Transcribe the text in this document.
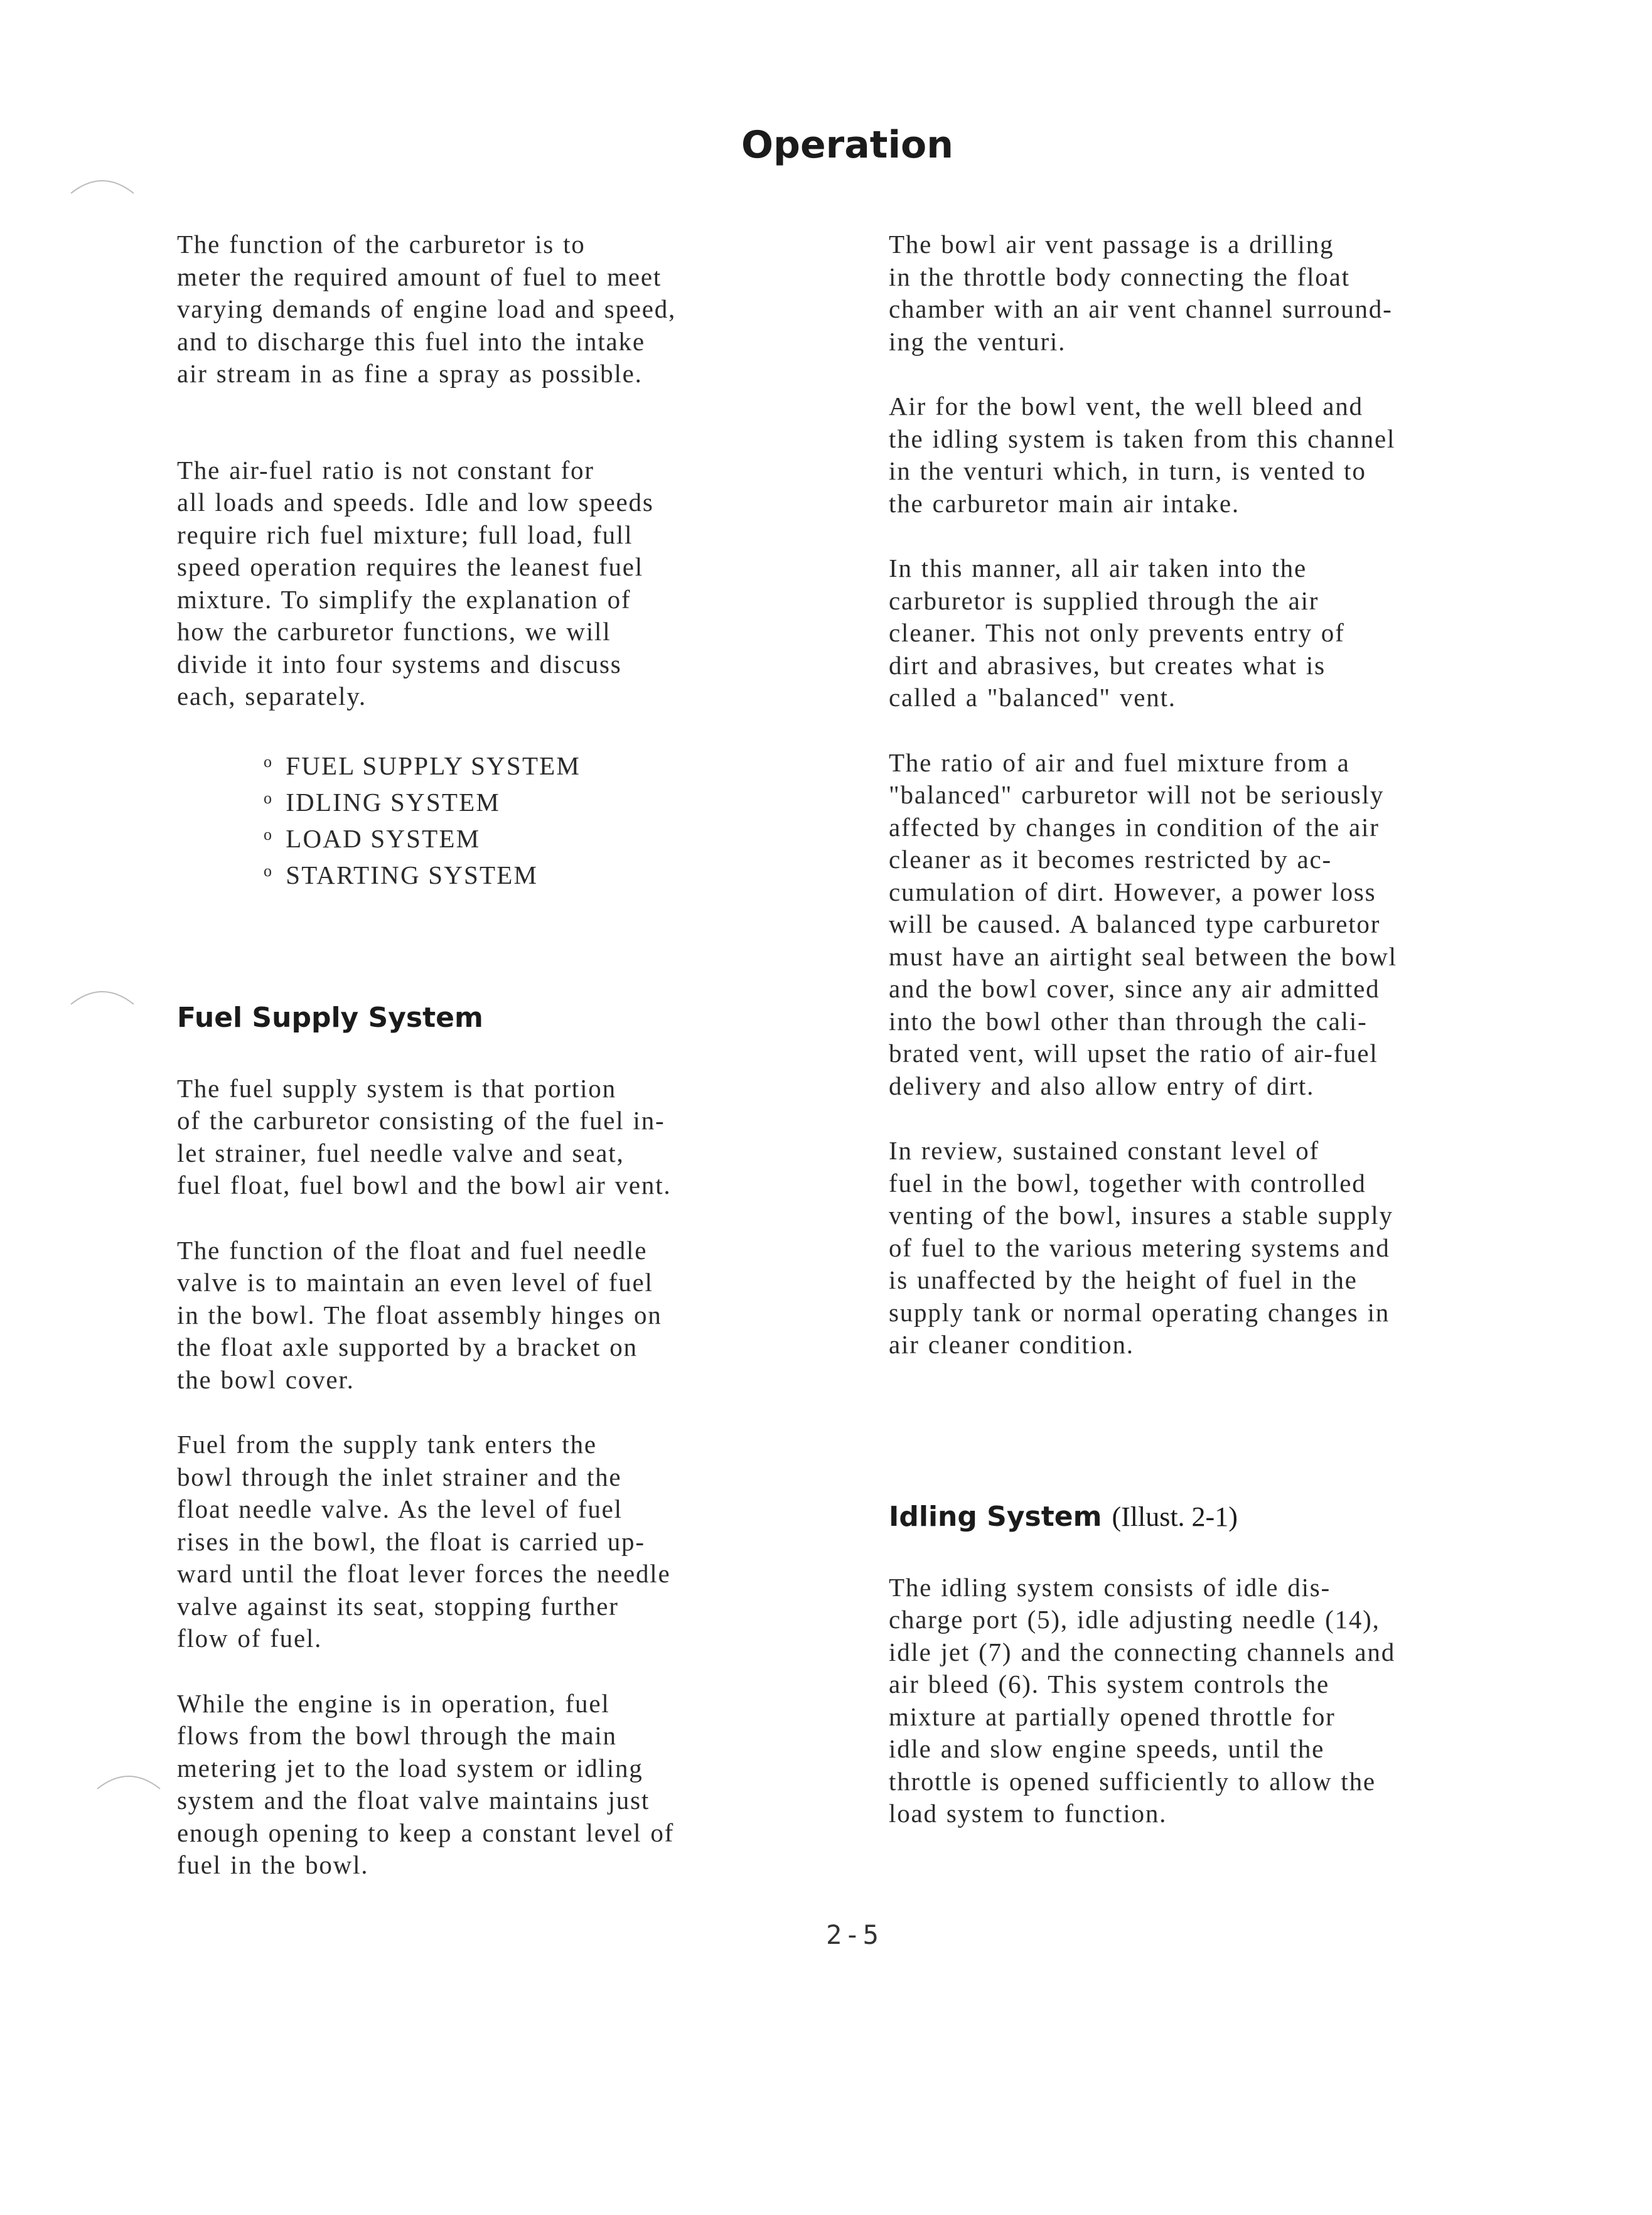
Operation

The function of the carburetor is to
meter the required amount of fuel to meet
varying demands of engine load and speed,
and to discharge this fuel into the intake
air stream in as fine a spray as possible.

The air-fuel ratio is not constant for
all loads and speeds. Idle and low speeds
require rich fuel mixture; full load, full
speed operation requires the leanest fuel
mixture. To simplify the explanation of
how the carburetor functions, we will
divide it into four systems and discuss
each, separately.

$^o$ FUEL SUPPLY SYSTEM
$^o$ IDLING SYSTEM
$^o$ LOAD SYSTEM
$^o$ STARTING SYSTEM
Fuel Supply System

The fuel supply system is that portion
of the carburetor consisting of the fuel in-
let strainer, fuel needle valve and seat,
fuel float, fuel bowl and the bowl air vent.

The function of the float and fuel needle
valve is to maintain an even level of fuel
in the bowl. The float assembly hinges on
the float axle supported by a bracket on
the bowl cover.

Fuel from the supply tank enters the
bowl through the inlet strainer and the
float needle valve. As the level of fuel
rises in the bowl, the float is carried up-
ward until the float lever forces the needle
valve against its seat, stopping further
flow of fuel.

While the engine is in operation, fuel
flows from the bowl through the main
metering jet to the load system or idling
system and the float valve maintains just
enough opening to keep a constant level of
fuel in the bowl.

The bowl air vent passage is a drilling
in the throttle body connecting the float
chamber with an air vent channel surround-
ing the venturi.

Air for the bowl vent, the well bleed and
the idling system is taken from this channel
in the venturi which, in turn, is vented to
the carburetor main air intake.

In this manner, all air taken into the
carburetor is supplied through the air
cleaner. This not only prevents entry of
dirt and abrasives, but creates what is
called a "balanced" vent.

The ratio of air and fuel mixture from a
"balanced" carburetor will not be seriously
affected by changes in condition of the air
cleaner as it becomes restricted by ac-
cumulation of dirt. However, a power loss
will be caused. A balanced type carburetor
must have an airtight seal between the bowl
and the bowl cover, since any air admitted
into the bowl other than through the cali-
brated vent, will upset the ratio of air-fuel
delivery and also allow entry of dirt.

In review, sustained constant level of
fuel in the bowl, together with controlled
venting of the bowl, insures a stable supply
of fuel to the various metering systems and
is unaffected by the height of fuel in the
supply tank or normal operating changes in
air cleaner condition.

Idling System (Illust. 2-1)

The idling system consists of idle dis-
charge port (5), idle adjusting needle (14),
idle jet (7) and the connecting channels and
air bleed (6). This system controls the
mixture at partially opened throttle for
idle and slow engine speeds, until the
throttle is opened sufficiently to allow the
load system to function.

2-5
